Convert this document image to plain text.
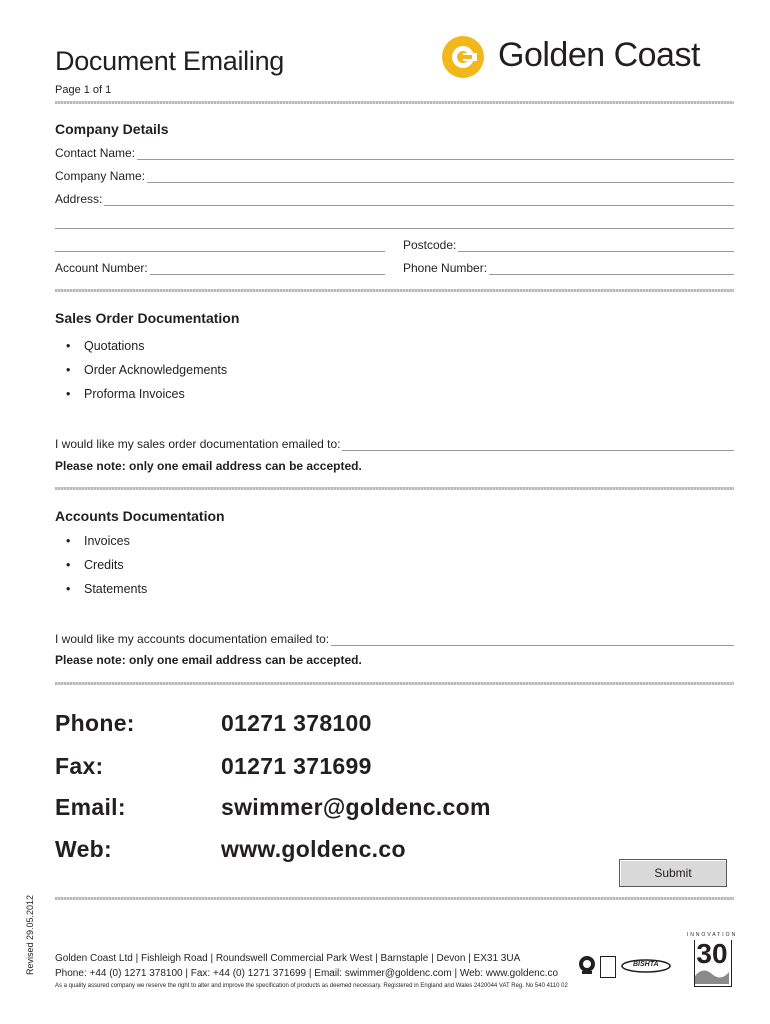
Document Emailing
Page 1 of 1
Golden Coast
Company Details
Contact Name:
Company Name:
Address:
Postcode:
Account Number:	Phone Number:
Sales Order Documentation
• Quotations
• Order Acknowledgements
• Proforma Invoices
I would like my sales order documentation emailed to:
Please note: only one email address can be accepted.
Accounts Documentation
• Invoices
• Credits
• Statements
I would like my accounts documentation emailed to:
Please note: only one email address can be accepted.
Phone:	01271 378100
Fax:	01271 371699
Email:	swimmer@goldenc.com
Web:	www.goldenc.co
Submit
Revised 29.05.2012 Golden Coast Ltd | Fishleigh Road | Roundswell Commercial Park West | Barnstaple | Devon | EX31 3UA
Phone: +44 (0) 1271 378100 | Fax: +44 (0) 1271 371699 | Email: swimmer@goldenc.com | Web: www.goldenc.co
As a quality assured company we reserve the right to alter and improve the specification of products as deemed necessary. Registered in England and Wales 2420044 VAT Reg. No 540 4110 02
BISHTA
INNOVATION
30
